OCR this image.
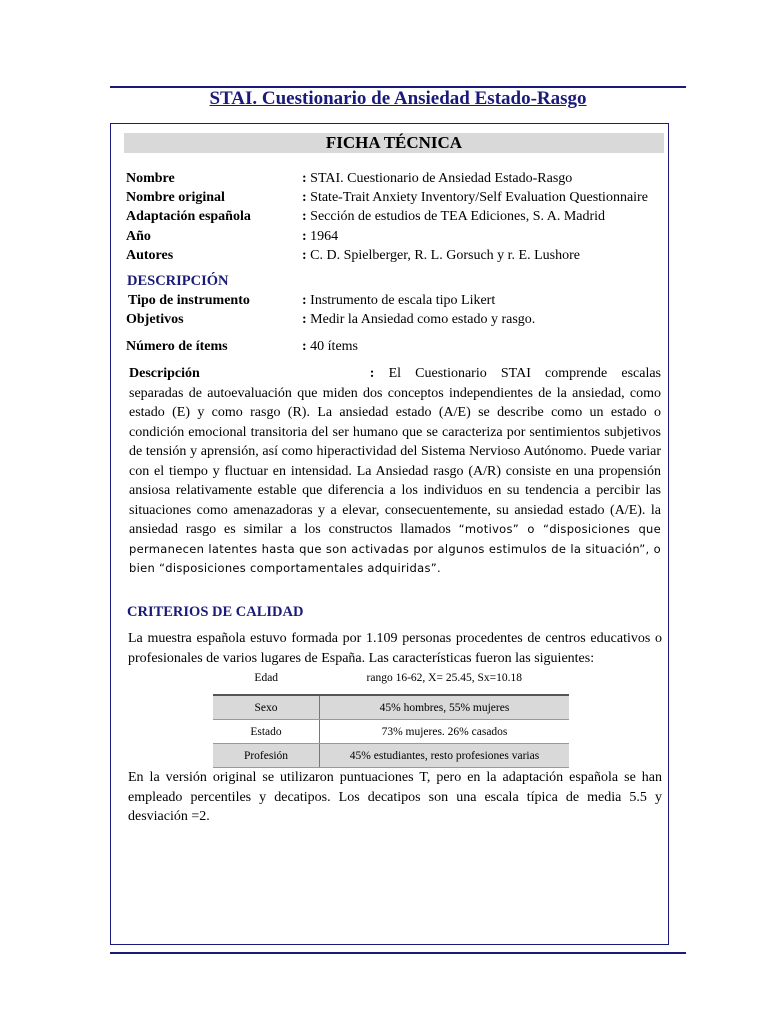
STAI. Cuestionario de Ansiedad Estado-Rasgo
FICHA TÉCNICA
Nombre	: STAI. Cuestionario de Ansiedad Estado-Rasgo
Nombre original	: State-Trait Anxiety Inventory/Self Evaluation Questionnaire
Adaptación española	: Sección de estudios de TEA Ediciones, S. A. Madrid
Año	: 1964
Autores	: C. D. Spielberger, R. L. Gorsuch y r. E. Lushore
DESCRIPCIÓN
Tipo de instrumento	: Instrumento de escala tipo Likert
Objetivos	: Medir la Ansiedad como estado y rasgo.
Número de ítems	: 40 ítems
Descripción	: El Cuestionario STAI comprende escalas separadas de autoevaluación que miden dos conceptos independientes de la ansiedad, como estado (E) y como rasgo (R). La ansiedad estado (A/E) se describe como un estado o condición emocional transitoria del ser humano que se caracteriza por sentimientos subjetivos de tensión y aprensión, así como hiperactividad del Sistema Nervioso Autónomo. Puede variar con el tiempo y fluctuar en intensidad. La Ansiedad rasgo (A/R) consiste en una propensión ansiosa relativamente estable que diferencia a los individuos en su tendencia a percibir las situaciones como amenazadoras y a elevar, consecuentemente, su ansiedad estado (A/E). la ansiedad rasgo es similar a los constructos llamados “motivos” o “disposiciones que permanecen latentes hasta que son activadas por algunos estimulos de la situación”, o bien “disposiciones comportamentales adquiridas”.
CRITERIOS DE CALIDAD
La muestra española estuvo formada por 1.109 personas procedentes de centros educativos o profesionales de varios lugares de España. Las características fueron las siguientes:
Edad	rango 16-62, X= 25.45, Sx=10.18
Sexo	45% hombres, 55% mujeres
Estado	73% mujeres. 26% casados
Profesión	45% estudiantes, resto profesiones varias
En la versión original se utilizaron puntuaciones T, pero en la adaptación española se han empleado percentiles y decatipos. Los decatipos son una escala típica de media 5.5 y desviación =2.
